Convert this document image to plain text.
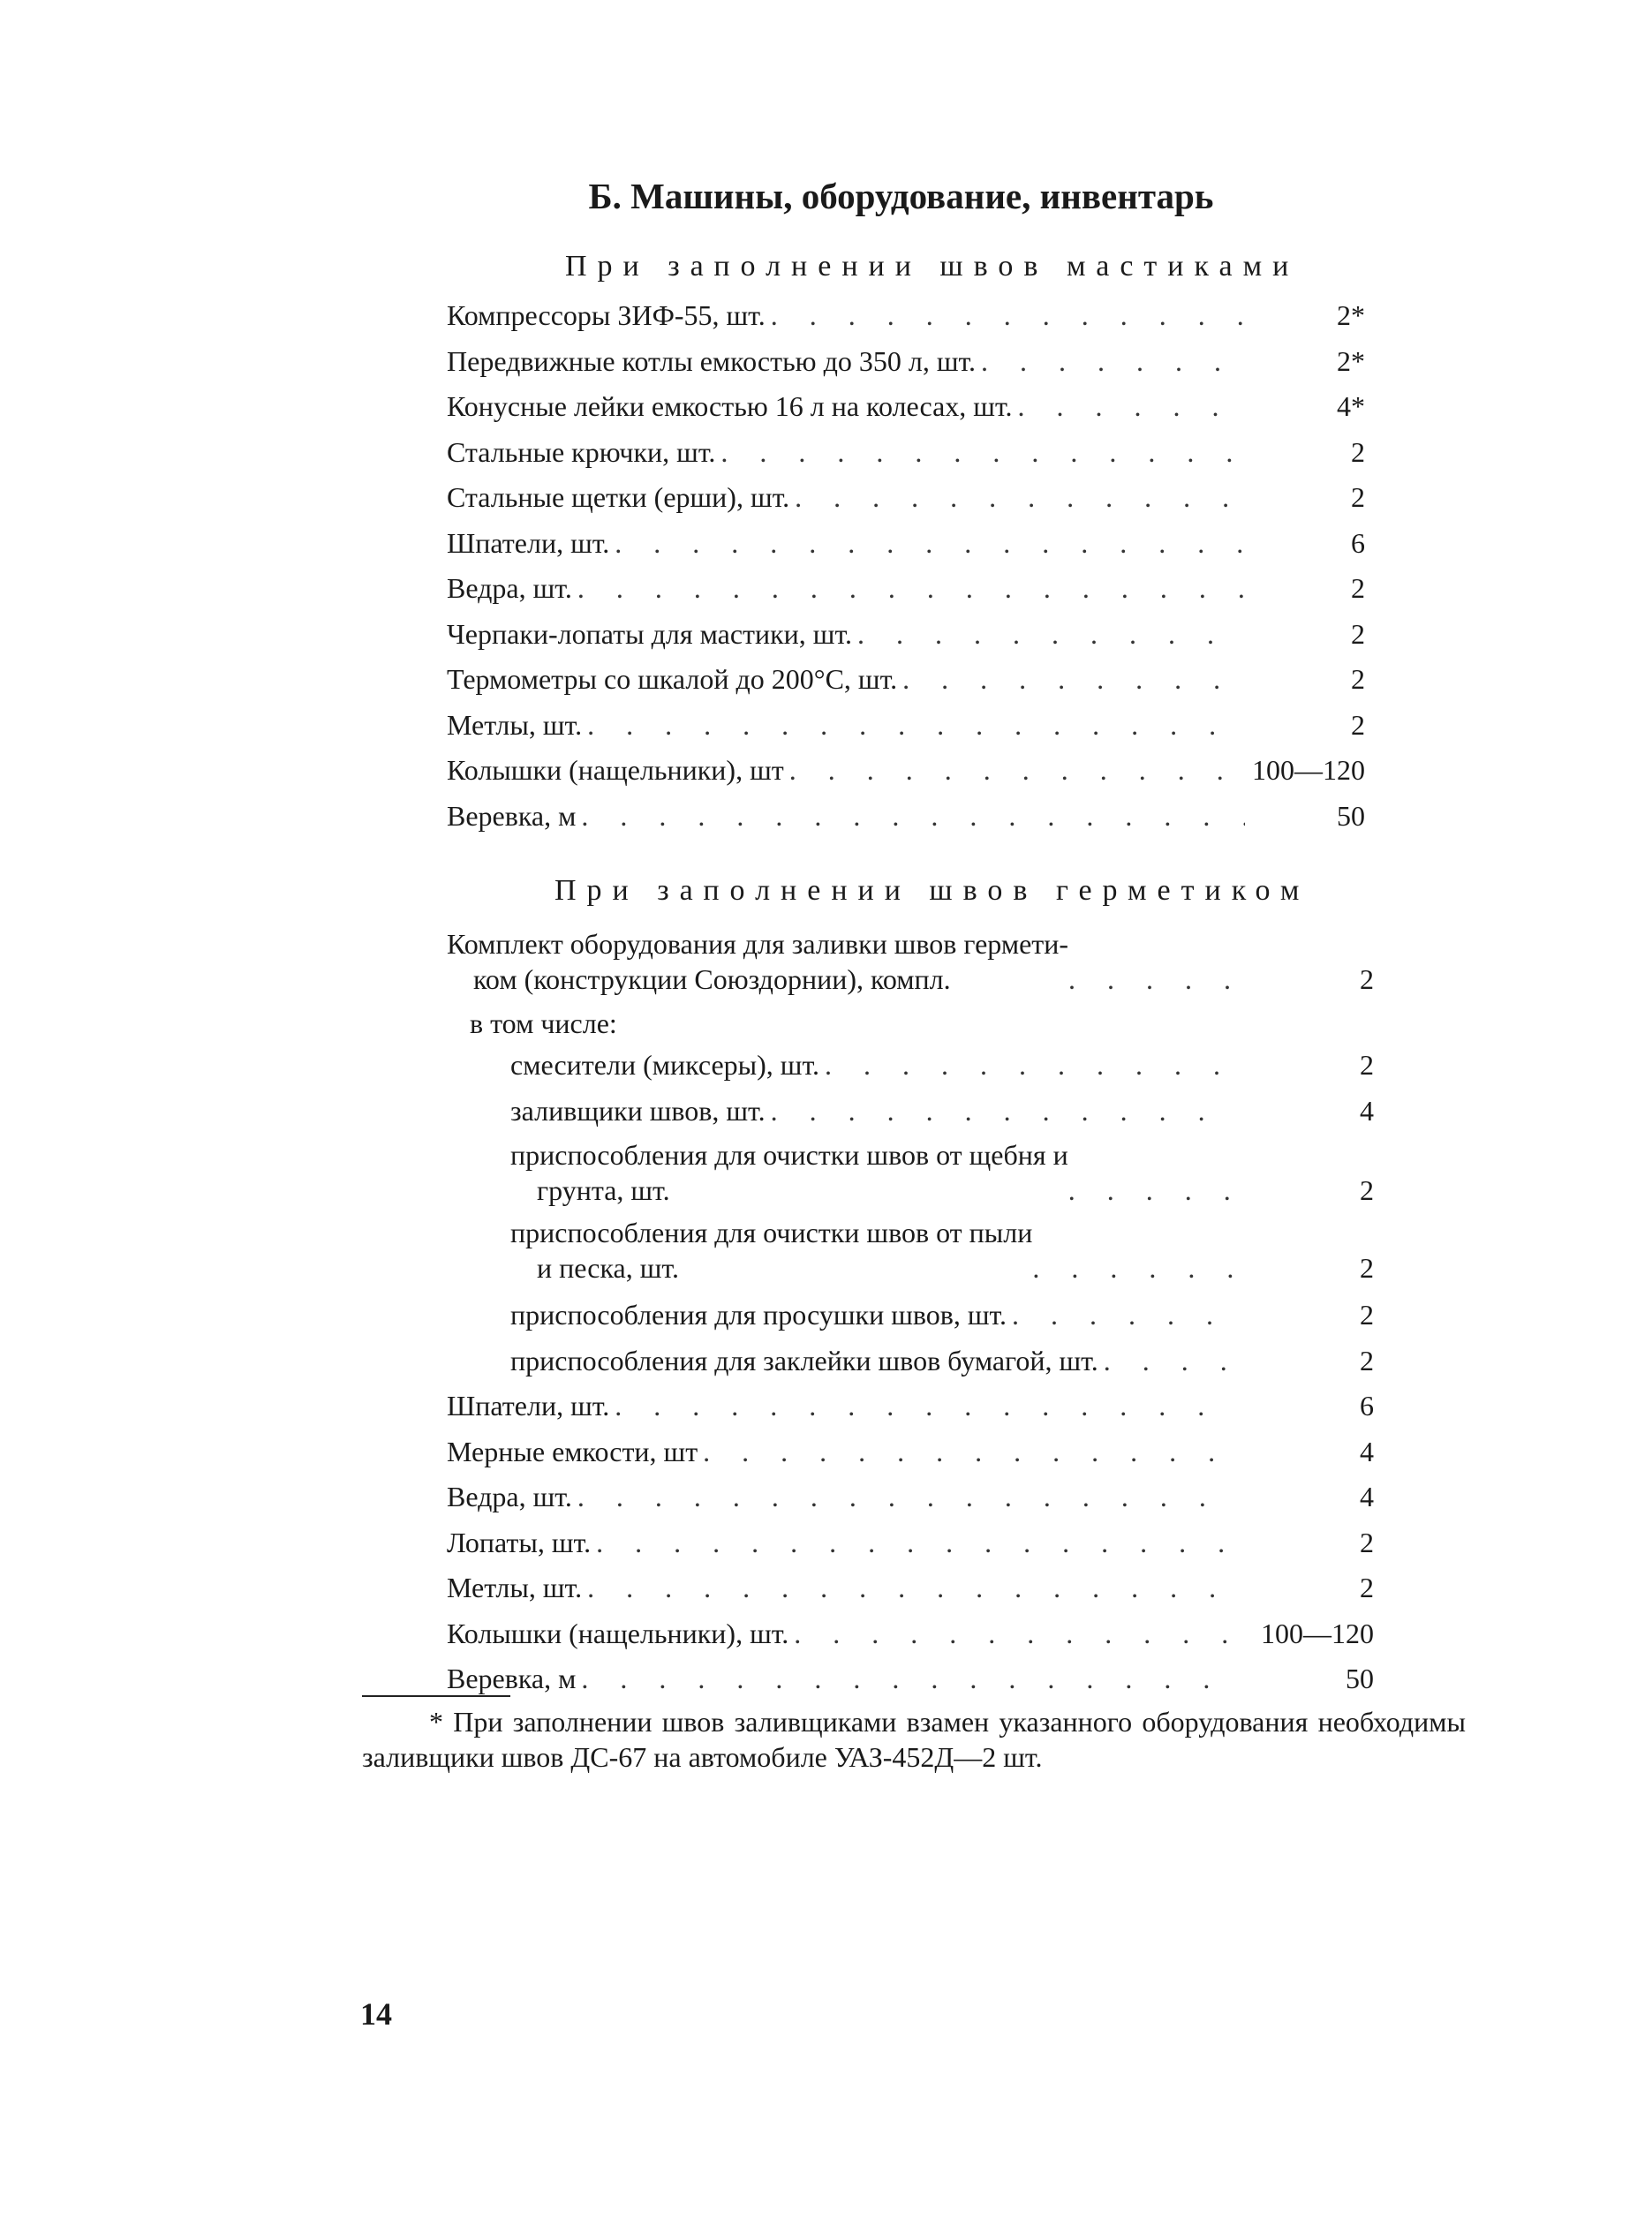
Б. Машины, оборудование, инвентарь
При заполнении швов мастиками
Компрессоры ЗИФ-55, шт. . . .	2*
Передвижные котлы емкостью до 350 л, шт. . . .	2*
Конусные лейки емкостью 16 л на колесах, шт. . . .	4*
Стальные крючки, шт. . . .	2
Стальные щетки (ерши), шт. . . .	2
Шпатели, шт. . . .	6
Ведра, шт. . . .	2
Черпаки-лопаты для мастики, шт. . . .	2
Термометры со шкалой до 200°С, шт. . . .	2
Метлы, шт. . . .	2
Колышки (нащельники), шт . . .	100—120
Веревка, м . . .	50
При заполнении швов герметиком
Комплект оборудования для заливки швов гермети-
ком (конструкции Союздорнии), компл. . . .	2
в том числе:
смесители (миксеры), шт. . . .	2
заливщики швов, шт. . . .	4
приспособления для очистки швов от щебня и
грунта, шт. . . .	2
приспособления для очистки швов от пыли
и песка, шт. . . .	2
приспособления для просушки швов, шт. . . .	2
приспособления для заклейки швов бумагой, шт. . . .	2
Шпатели, шт. . . .	6
Мерные емкости, шт . . .	4
Ведра, шт. . . .	4
Лопаты, шт. . . .	2
Метлы, шт. . . .	2
Колышки (нащельники), шт. . . .	100—120
Веревка, м . . .	50
* При заполнении швов заливщиками взамен указанного оборудования необходимы заливщики швов ДС-67 на автомобиле УАЗ-452Д—2 шт.
14
